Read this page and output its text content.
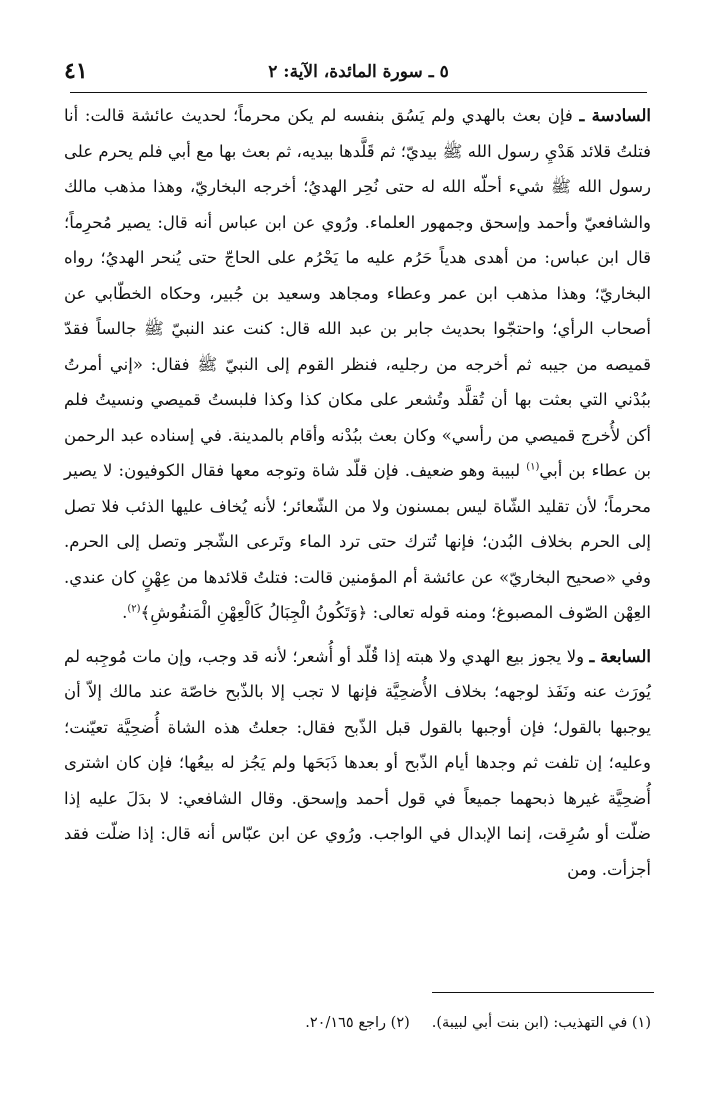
٥ ـ سورة المائدة، الآية: ٢
٤١

السادسة ـ فإن بعث بالهدي ولم يَسُق بنفسه لم يكن محرماً؛ لحديث عائشة قالت: أنا فتلتُ قلائد هَدْيِ رسول الله ﷺ بيديّ؛ ثم قَلَّدها بيديه، ثم بعث بها مع أبي فلم يحرم على رسول الله ﷺ شيء أحلّه الله له حتى نُحِر الهديُ؛ أخرجه البخاريّ، وهذا مذهب مالك والشافعيّ وأحمد وإسحق وجمهور العلماء. ورُوي عن ابن عباس أنه قال: يصير مُحرِماً؛ قال ابن عباس: من أهدى هدياً حَرُم عليه ما يَحْرُم على الحاجّ حتى يُنحر الهديُ؛ رواه البخاريّ؛ وهذا مذهب ابن عمر وعطاء ومجاهد وسعيد بن جُبير، وحكاه الخطّابي عن أصحاب الرأي؛ واحتجّوا بحديث جابر بن عبد الله قال: كنت عند النبيّ ﷺ جالساً فقدّ قميصه من جيبه ثم أخرجه من رجليه، فنظر القوم إلى النبيّ ﷺ فقال: «إني أمرتُ ببُدْني التي بعثت بها أن تُقلَّد وتُشعر على مكان كذا وكذا فلبستُ قميصي ونسيتُ فلم أكن لأُخرج قميصي من رأسي» وكان بعث ببُدْنه وأقام بالمدينة. في إسناده عبد الرحمن بن عطاء بن أبي$^{(١)}$ لبيبة وهو ضعيف. فإن قلّد شاة وتوجه معها فقال الكوفيون: لا يصير محرماً؛ لأن تقليد الشّاة ليس بمسنون ولا من الشّعائر؛ لأنه يُخاف عليها الذئب فلا تصل إلى الحرم بخلاف البُدن؛ فإنها تُترك حتى ترد الماء وتَرعى الشّجر وتصل إلى الحرم. وفي «صحيح البخاريّ» عن عائشة أم المؤمنين قالت: فتلتُ قلائدها من عِهْنٍ كان عندي. العِهْن الصّوف المصبوغ؛ ومنه قوله تعالى: ﴿وَتَكُونُ الْجِبَالُ كَالْعِهْنِ الْمَنفُوشِ﴾$^{(٢)}$.

السابعة ـ ولا يجوز بيع الهدي ولا هبته إذا قُلّد أو أُشعر؛ لأنه قد وجب، وإن مات مُوجِبه لم يُورَث عنه ونَفَذ لوجهه؛ بخلاف الأُضحِيَّة فإنها لا تجب إلا بالذّبح خاصّة عند مالك إلاّ أن يوجبها بالقول؛ فإن أوجبها بالقول قبل الذّبح فقال: جعلتُ هذه الشاة أُضحِيَّة تعيّنت؛ وعليه؛ إن تلفت ثم وجدها أيام الذّبح أو بعدها ذَبَحَها ولم يَجُز له بيعُها؛ فإن كان اشترى أُضحِيَّة غيرها ذبحهما جميعاً في قول أحمد وإسحق. وقال الشافعي: لا بدَلَ عليه إذا ضلّت أو سُرِقت، إنما الإبدال في الواجب. ورُوي عن ابن عبّاس أنه قال: إذا ضلّت فقد أجزأت. ومن

(١) في التهذيب: (ابن بنت أبي لبيبة).(٢) راجع ٢٠/١٦٥.
